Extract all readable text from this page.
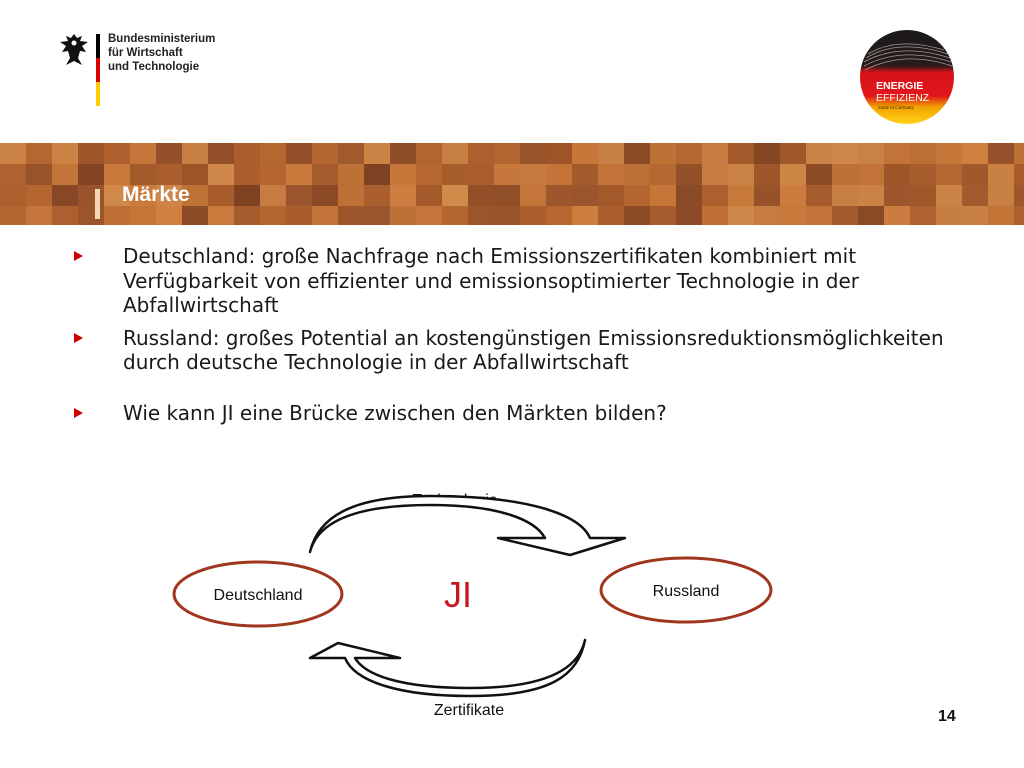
Bundesministerium
für Wirtschaft
und Technologie
ENERGIE
EFFIZIENZ
made in Germany
Märkte
Deutschland: große Nachfrage nach Emissionszertifikaten kombiniert mit Verfügbarkeit von effizienter und emissionsoptimierter Technologie in der Abfallwirtschaft
Russland: großes Potential an kostengünstigen Emissionsreduktionsmöglichkeiten durch deutsche Technologie in der Abfallwirtschaft
Wie kann JI eine Brücke zwischen den Märkten bilden?
Deutschland	Russland
JI
Zertifikate	14
